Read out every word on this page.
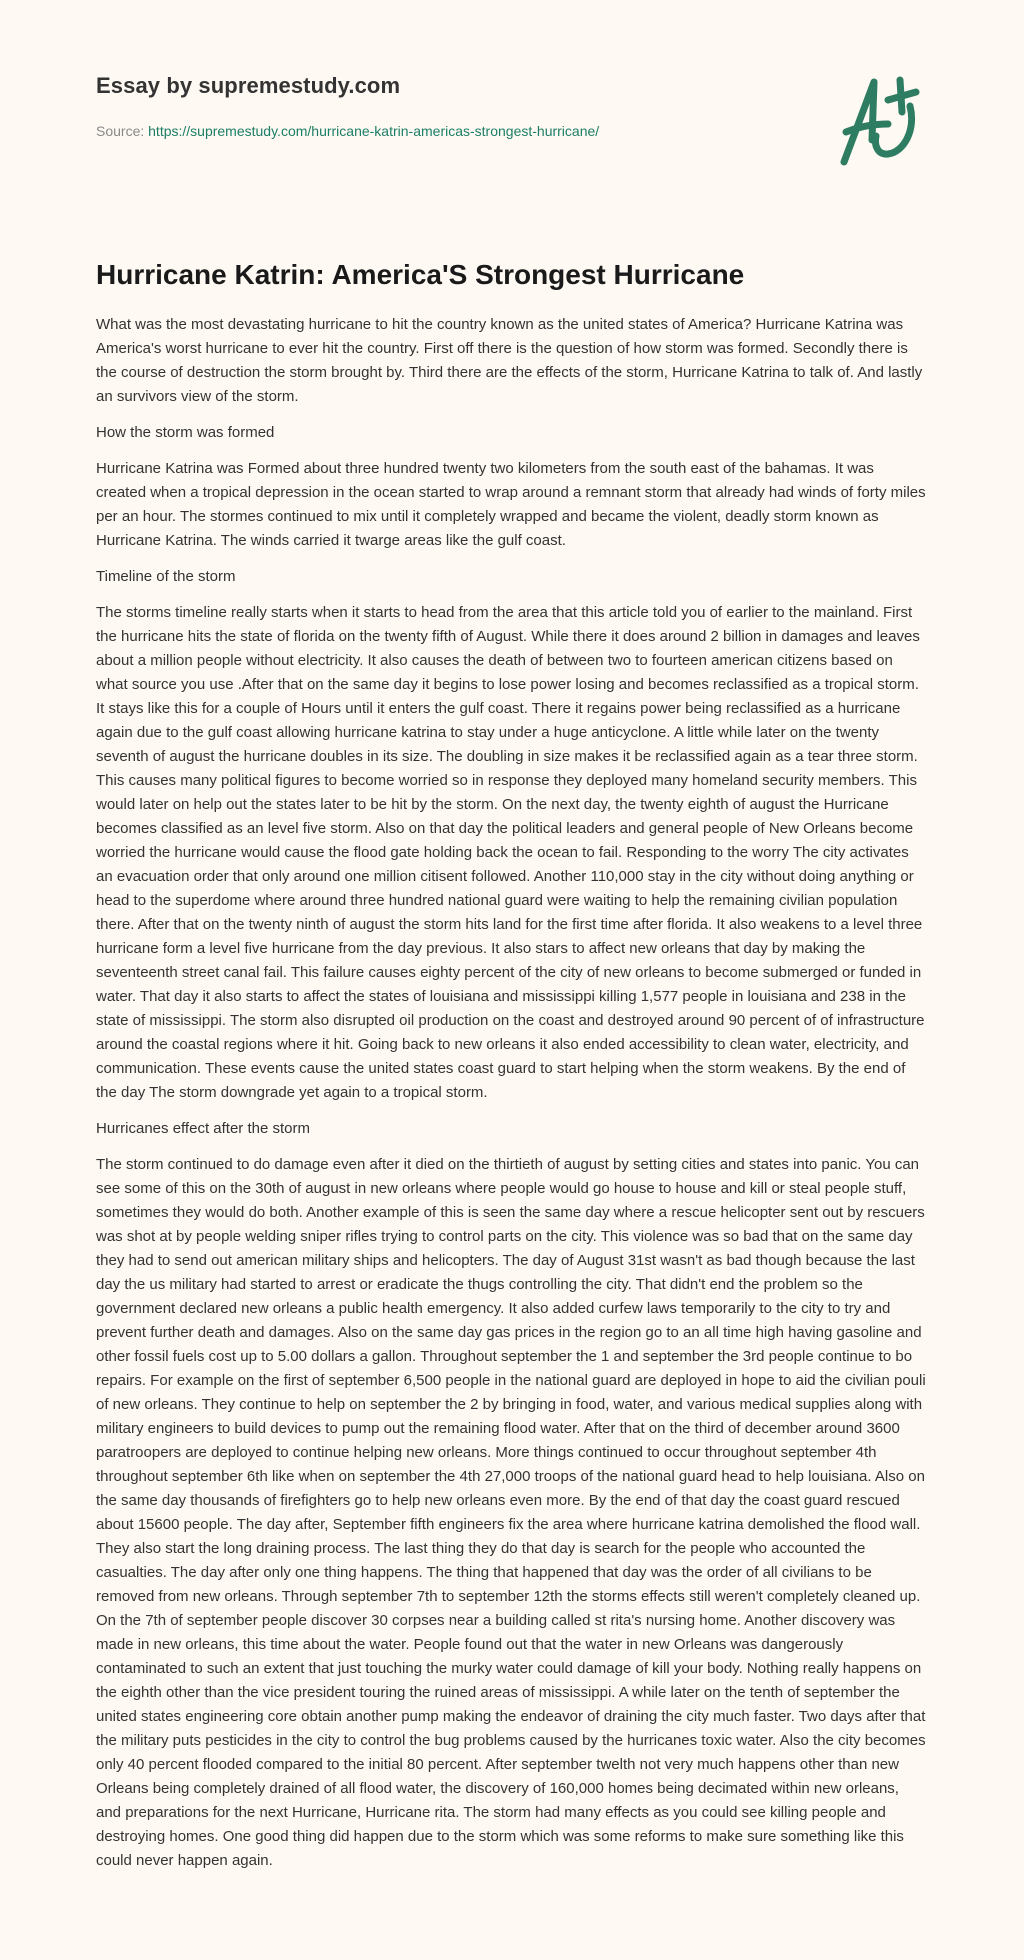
Essay by supremestudy.com
Source: https://supremestudy.com/hurricane-katrin-americas-strongest-hurricane/
Hurricane Katrin: America'S Strongest Hurricane

What was the most devastating hurricane to hit the country known as the united states of America? Hurricane Katrina was America's worst hurricane to ever hit the country. First off there is the question of how storm was formed. Secondly there is the course of destruction the storm brought by. Third there are the effects of the storm, Hurricane Katrina to talk of. And lastly an survivors view of the storm.

How the storm was formed

Hurricane Katrina was Formed about three hundred twenty two kilometers from the south east of the bahamas. It was created when a tropical depression in the ocean started to wrap around a remnant storm that already had winds of forty miles per an hour. The stormes continued to mix until it completely wrapped and became the violent, deadly storm known as Hurricane Katrina. The winds carried it twarge areas like the gulf coast.

Timeline of the storm

The storms timeline really starts when it starts to head from the area that this article told you of earlier to the mainland. First the hurricane hits the state of florida on the twenty fifth of August. While there it does around 2 billion in damages and leaves about a million people without electricity. It also causes the death of between two to fourteen american citizens based on what source you use .After that on the same day it begins to lose power losing and becomes reclassified as a tropical storm. It stays like this for a couple of Hours until it enters the gulf coast. There it regains power being reclassified as a hurricane again due to the gulf coast allowing hurricane katrina to stay under a huge anticyclone. A little while later on the twenty seventh of august the hurricane doubles in its size. The doubling in size makes it be reclassified again as a tear three storm. This causes many political figures to become worried so in response they deployed many homeland security members. This would later on help out the states later to be hit by the storm. On the next day, the twenty eighth of august the Hurricane becomes classified as an level five storm. Also on that day the political leaders and general people of New Orleans become worried the hurricane would cause the flood gate holding back the ocean to fail. Responding to the worry The city activates an evacuation order that only around one million citisent followed. Another 110,000 stay in the city without doing anything or head to the superdome where around three hundred national guard were waiting to help the remaining civilian population there. After that on the twenty ninth of august the storm hits land for the first time after florida. It also weakens to a level three hurricane form a level five hurricane from the day previous. It also stars to affect new orleans that day by making the seventeenth street canal fail. This failure causes eighty percent of the city of new orleans to become submerged or funded in water. That day it also starts to affect the states of louisiana and mississippi killing 1,577 people in louisiana and 238 in the state of mississippi. The storm also disrupted oil production on the coast and destroyed around 90 percent of of infrastructure around the coastal regions where it hit. Going back to new orleans it also ended accessibility to clean water, electricity, and communication. These events cause the united states coast guard to start helping when the storm weakens. By the end of the day The storm downgrade yet again to a tropical storm.

Hurricanes effect after the storm

The storm continued to do damage even after it died on the thirtieth of august by setting cities and states into panic. You can see some of this on the 30th of august in new orleans where people would go house to house and kill or steal people stuff, sometimes they would do both. Another example of this is seen the same day where a rescue helicopter sent out by rescuers was shot at by people welding sniper rifles trying to control parts on the city. This violence was so bad that on the same day they had to send out american military ships and helicopters. The day of August 31st wasn't as bad though because the last day the us military had started to arrest or eradicate the thugs controlling the city. That didn't end the problem so the government declared new orleans a public health emergency. It also added curfew laws temporarily to the city to try and prevent further death and damages. Also on the same day gas prices in the region go to an all time high having gasoline and other fossil fuels cost up to 5.00 dollars a gallon. Throughout september the 1 and september the 3rd people continue to bo repairs. For example on the first of september 6,500 people in the national guard are deployed in hope to aid the civilian pouli of new orleans. They continue to help on september the 2 by bringing in food, water, and various medical supplies along with military engineers to build devices to pump out the remaining flood water. After that on the third of december around 3600 paratroopers are deployed to continue helping new orleans. More things continued to occur throughout september 4th throughout september 6th like when on september the 4th 27,000 troops of the national guard head to help louisiana. Also on the same day thousands of firefighters go to help new orleans even more. By the end of that day the coast guard rescued about 15600 people. The day after, September fifth engineers fix the area where hurricane katrina demolished the flood wall. They also start the long draining process. The last thing they do that day is search for the people who accounted the casualties. The day after only one thing happens. The thing that happened that day was the order of all civilians to be removed from new orleans. Through september 7th to september 12th the storms effects still weren't completely cleaned up. On the 7th of september people discover 30 corpses near a building called st rita's nursing home. Another discovery was made in new orleans, this time about the water. People found out that the water in new Orleans was dangerously contaminated to such an extent that just touching the murky water could damage of kill your body. Nothing really happens on the eighth other than the vice president touring the ruined areas of mississippi. A while later on the tenth of september the united states engineering core obtain another pump making the endeavor of draining the city much faster. Two days after that the military puts pesticides in the city to control the bug problems caused by the hurricanes toxic water. Also the city becomes only 40 percent flooded compared to the initial 80 percent. After september twelth not very much happens other than new Orleans being completely drained of all flood water, the discovery of 160,000 homes being decimated within new orleans, and preparations for the next Hurricane, Hurricane rita. The storm had many effects as you could see killing people and destroying homes. One good thing did happen due to the storm which was some reforms to make sure something like this could never happen again.
